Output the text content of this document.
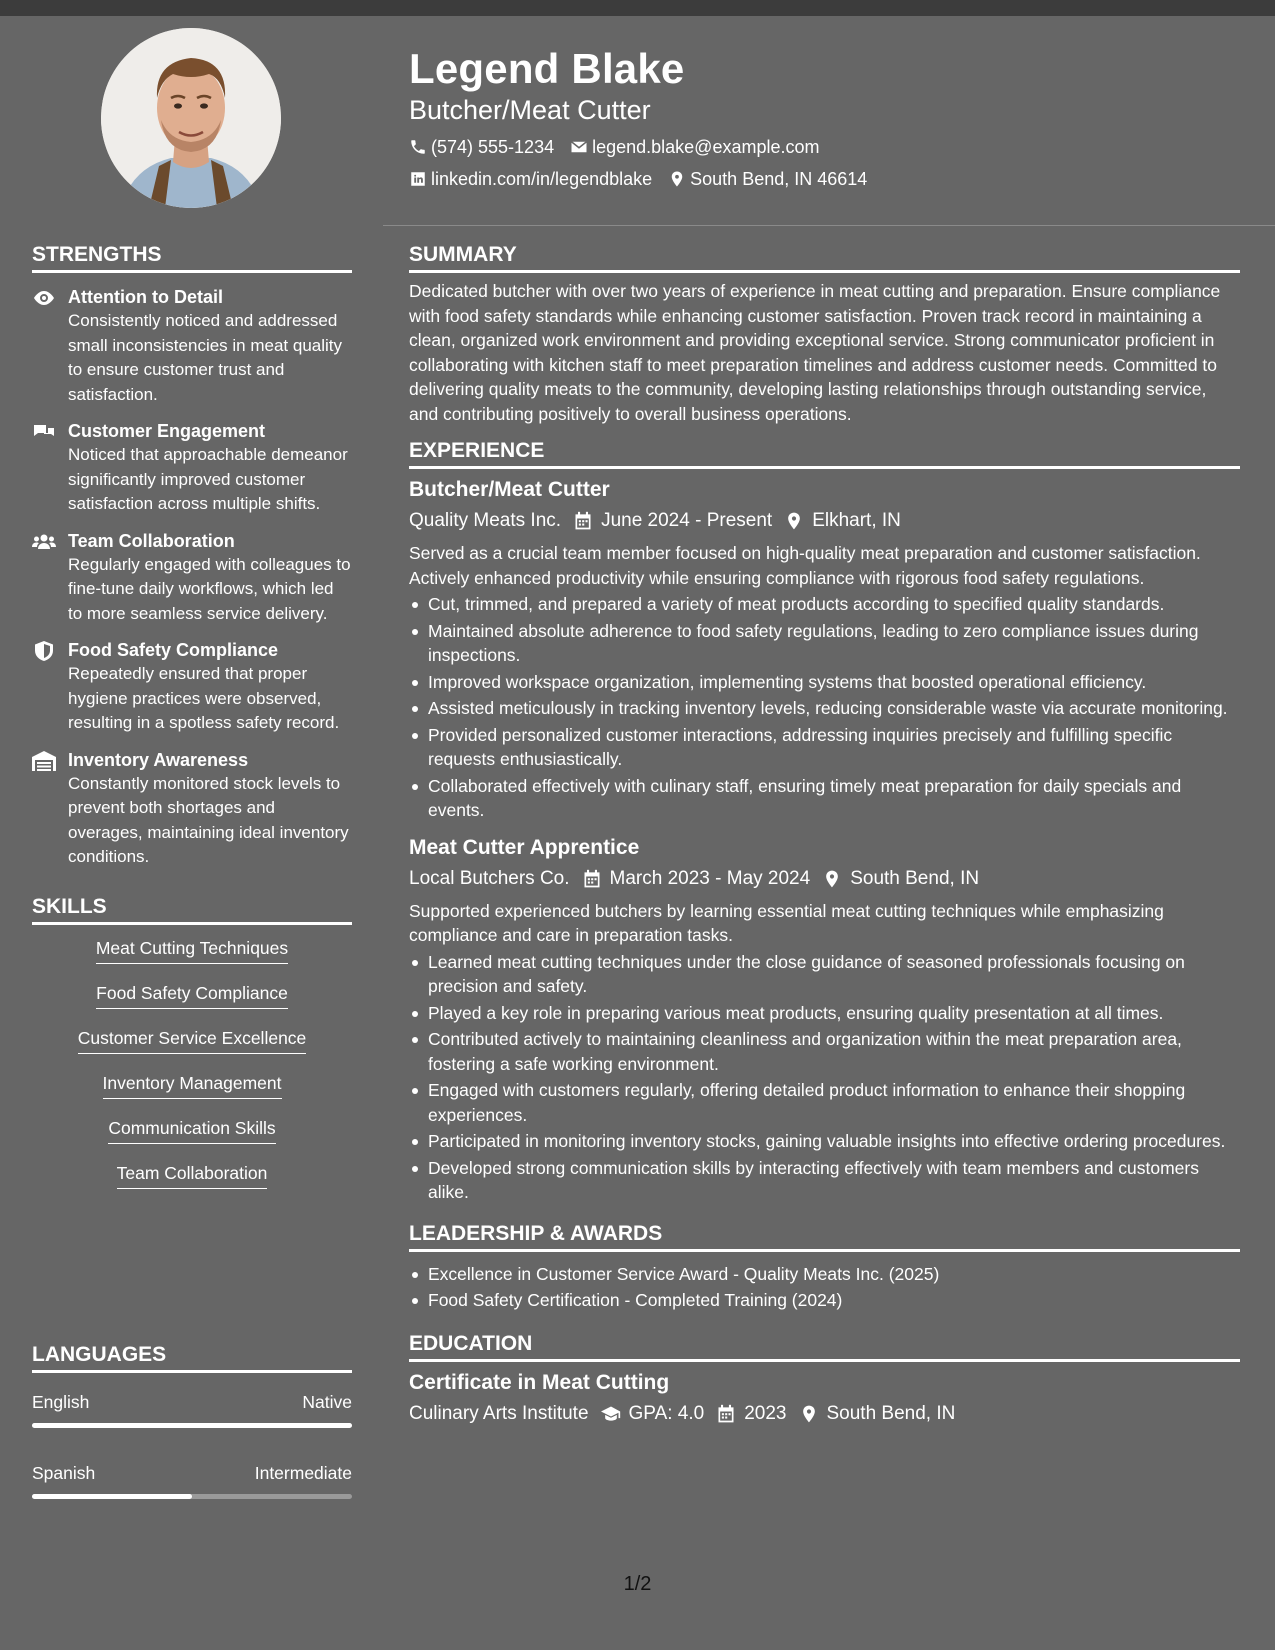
Legend Blake
Butcher/Meat Cutter
(574) 555-1234 legend.blake@example.com
linkedin.com/in/legendblake South Bend, IN 46614
STRENGTHS
Attention to Detail
Consistently noticed and addressed small inconsistencies in meat quality to ensure customer trust and satisfaction.
Customer Engagement
Noticed that approachable demeanor significantly improved customer satisfaction across multiple shifts.
Team Collaboration
Regularly engaged with colleagues to fine-tune daily workflows, which led to more seamless service delivery.
Food Safety Compliance
Repeatedly ensured that proper hygiene practices were observed, resulting in a spotless safety record.
Inventory Awareness
Constantly monitored stock levels to prevent both shortages and overages, maintaining ideal inventory conditions.
SKILLS
Meat Cutting Techniques
Food Safety Compliance
Customer Service Excellence
Inventory Management
Communication Skills
Team Collaboration
LANGUAGES
English	Native
Spanish	Intermediate
SUMMARY
Dedicated butcher with over two years of experience in meat cutting and preparation. Ensure compliance with food safety standards while enhancing customer satisfaction. Proven track record in maintaining a clean, organized work environment and providing exceptional service. Strong communicator proficient in collaborating with kitchen staff to meet preparation timelines and address customer needs. Committed to delivering quality meats to the community, developing lasting relationships through outstanding service, and contributing positively to overall business operations.
EXPERIENCE
Butcher/Meat Cutter
Quality Meats Inc. June 2024 - Present Elkhart, IN
Served as a crucial team member focused on high-quality meat preparation and customer satisfaction. Actively enhanced productivity while ensuring compliance with rigorous food safety regulations.
Cut, trimmed, and prepared a variety of meat products according to specified quality standards.
Maintained absolute adherence to food safety regulations, leading to zero compliance issues during inspections.
Improved workspace organization, implementing systems that boosted operational efficiency.
Assisted meticulously in tracking inventory levels, reducing considerable waste via accurate monitoring.
Provided personalized customer interactions, addressing inquiries precisely and fulfilling specific requests enthusiastically.
Collaborated effectively with culinary staff, ensuring timely meat preparation for daily specials and events.
Meat Cutter Apprentice
Local Butchers Co. March 2023 - May 2024 South Bend, IN
Supported experienced butchers by learning essential meat cutting techniques while emphasizing compliance and care in preparation tasks.
Learned meat cutting techniques under the close guidance of seasoned professionals focusing on precision and safety.
Played a key role in preparing various meat products, ensuring quality presentation at all times.
Contributed actively to maintaining cleanliness and organization within the meat preparation area, fostering a safe working environment.
Engaged with customers regularly, offering detailed product information to enhance their shopping experiences.
Participated in monitoring inventory stocks, gaining valuable insights into effective ordering procedures.
Developed strong communication skills by interacting effectively with team members and customers alike.
LEADERSHIP & AWARDS
Excellence in Customer Service Award - Quality Meats Inc. (2025)
Food Safety Certification - Completed Training (2024)
EDUCATION
Certificate in Meat Cutting
Culinary Arts Institute GPA: 4.0 2023 South Bend, IN
1/2
